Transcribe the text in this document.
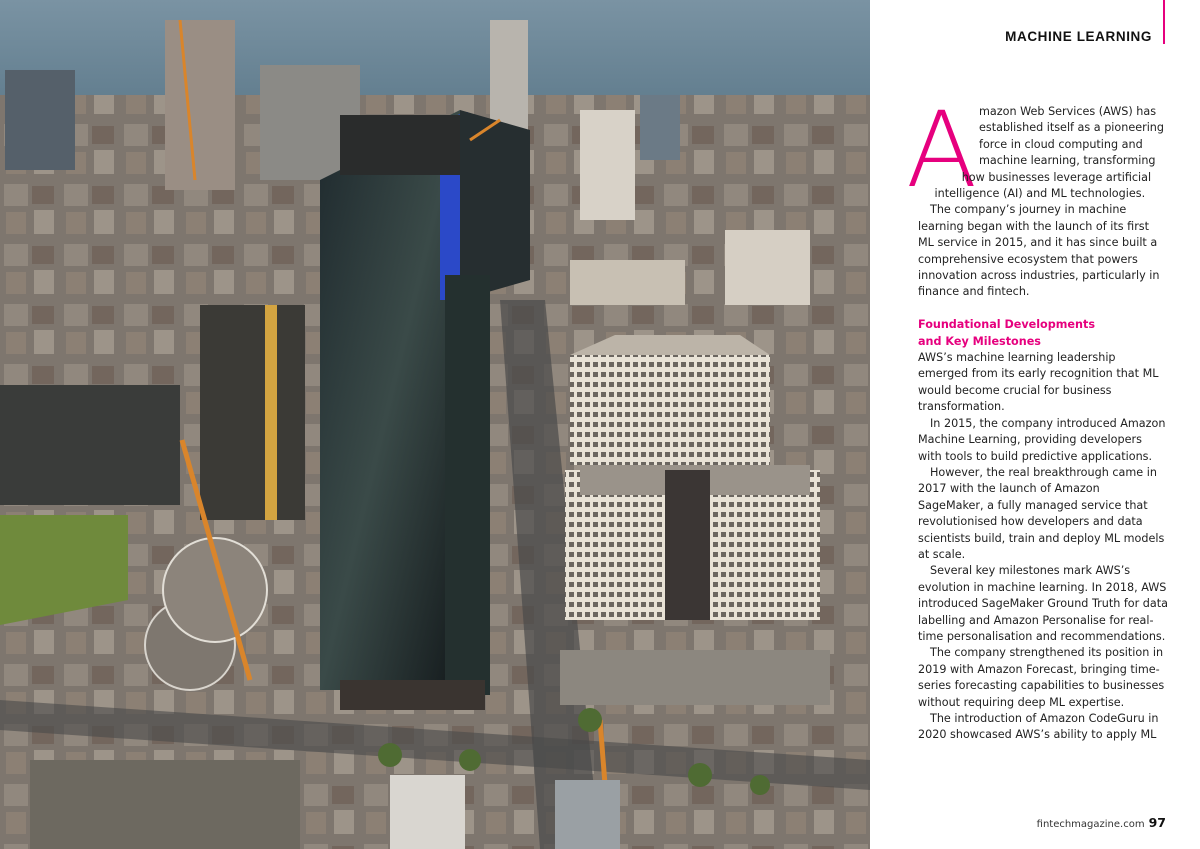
MACHINE LEARNING
A mazon Web Services (AWS) has established itself as a pioneering force in cloud computing and machine learning, transforming how businesses leverage artificial intelligence (AI) and ML technologies.

The company’s journey in machine learning began with the launch of its first ML service in 2015, and it has since built a comprehensive ecosystem that powers innovation across industries, particularly in finance and fintech.

Foundational Developments
and Key Milestones

AWS’s machine learning leadership emerged from its early recognition that ML would become crucial for business transformation.

In 2015, the company introduced Amazon Machine Learning, providing developers with tools to build predictive applications.

However, the real breakthrough came in 2017 with the launch of Amazon SageMaker, a fully managed service that revolutionised how developers and data scientists build, train and deploy ML models at scale.

Several key milestones mark AWS’s evolution in machine learning. In 2018, AWS introduced SageMaker Ground Truth for data labelling and Amazon Personalise for real-time personalisation and recommendations.

The company strengthened its position in 2019 with Amazon Forecast, bringing time-series forecasting capabilities to businesses without requiring deep ML expertise.

The introduction of Amazon CodeGuru in 2020 showcased AWS’s ability to apply ML

fintechmagazine.com 97
